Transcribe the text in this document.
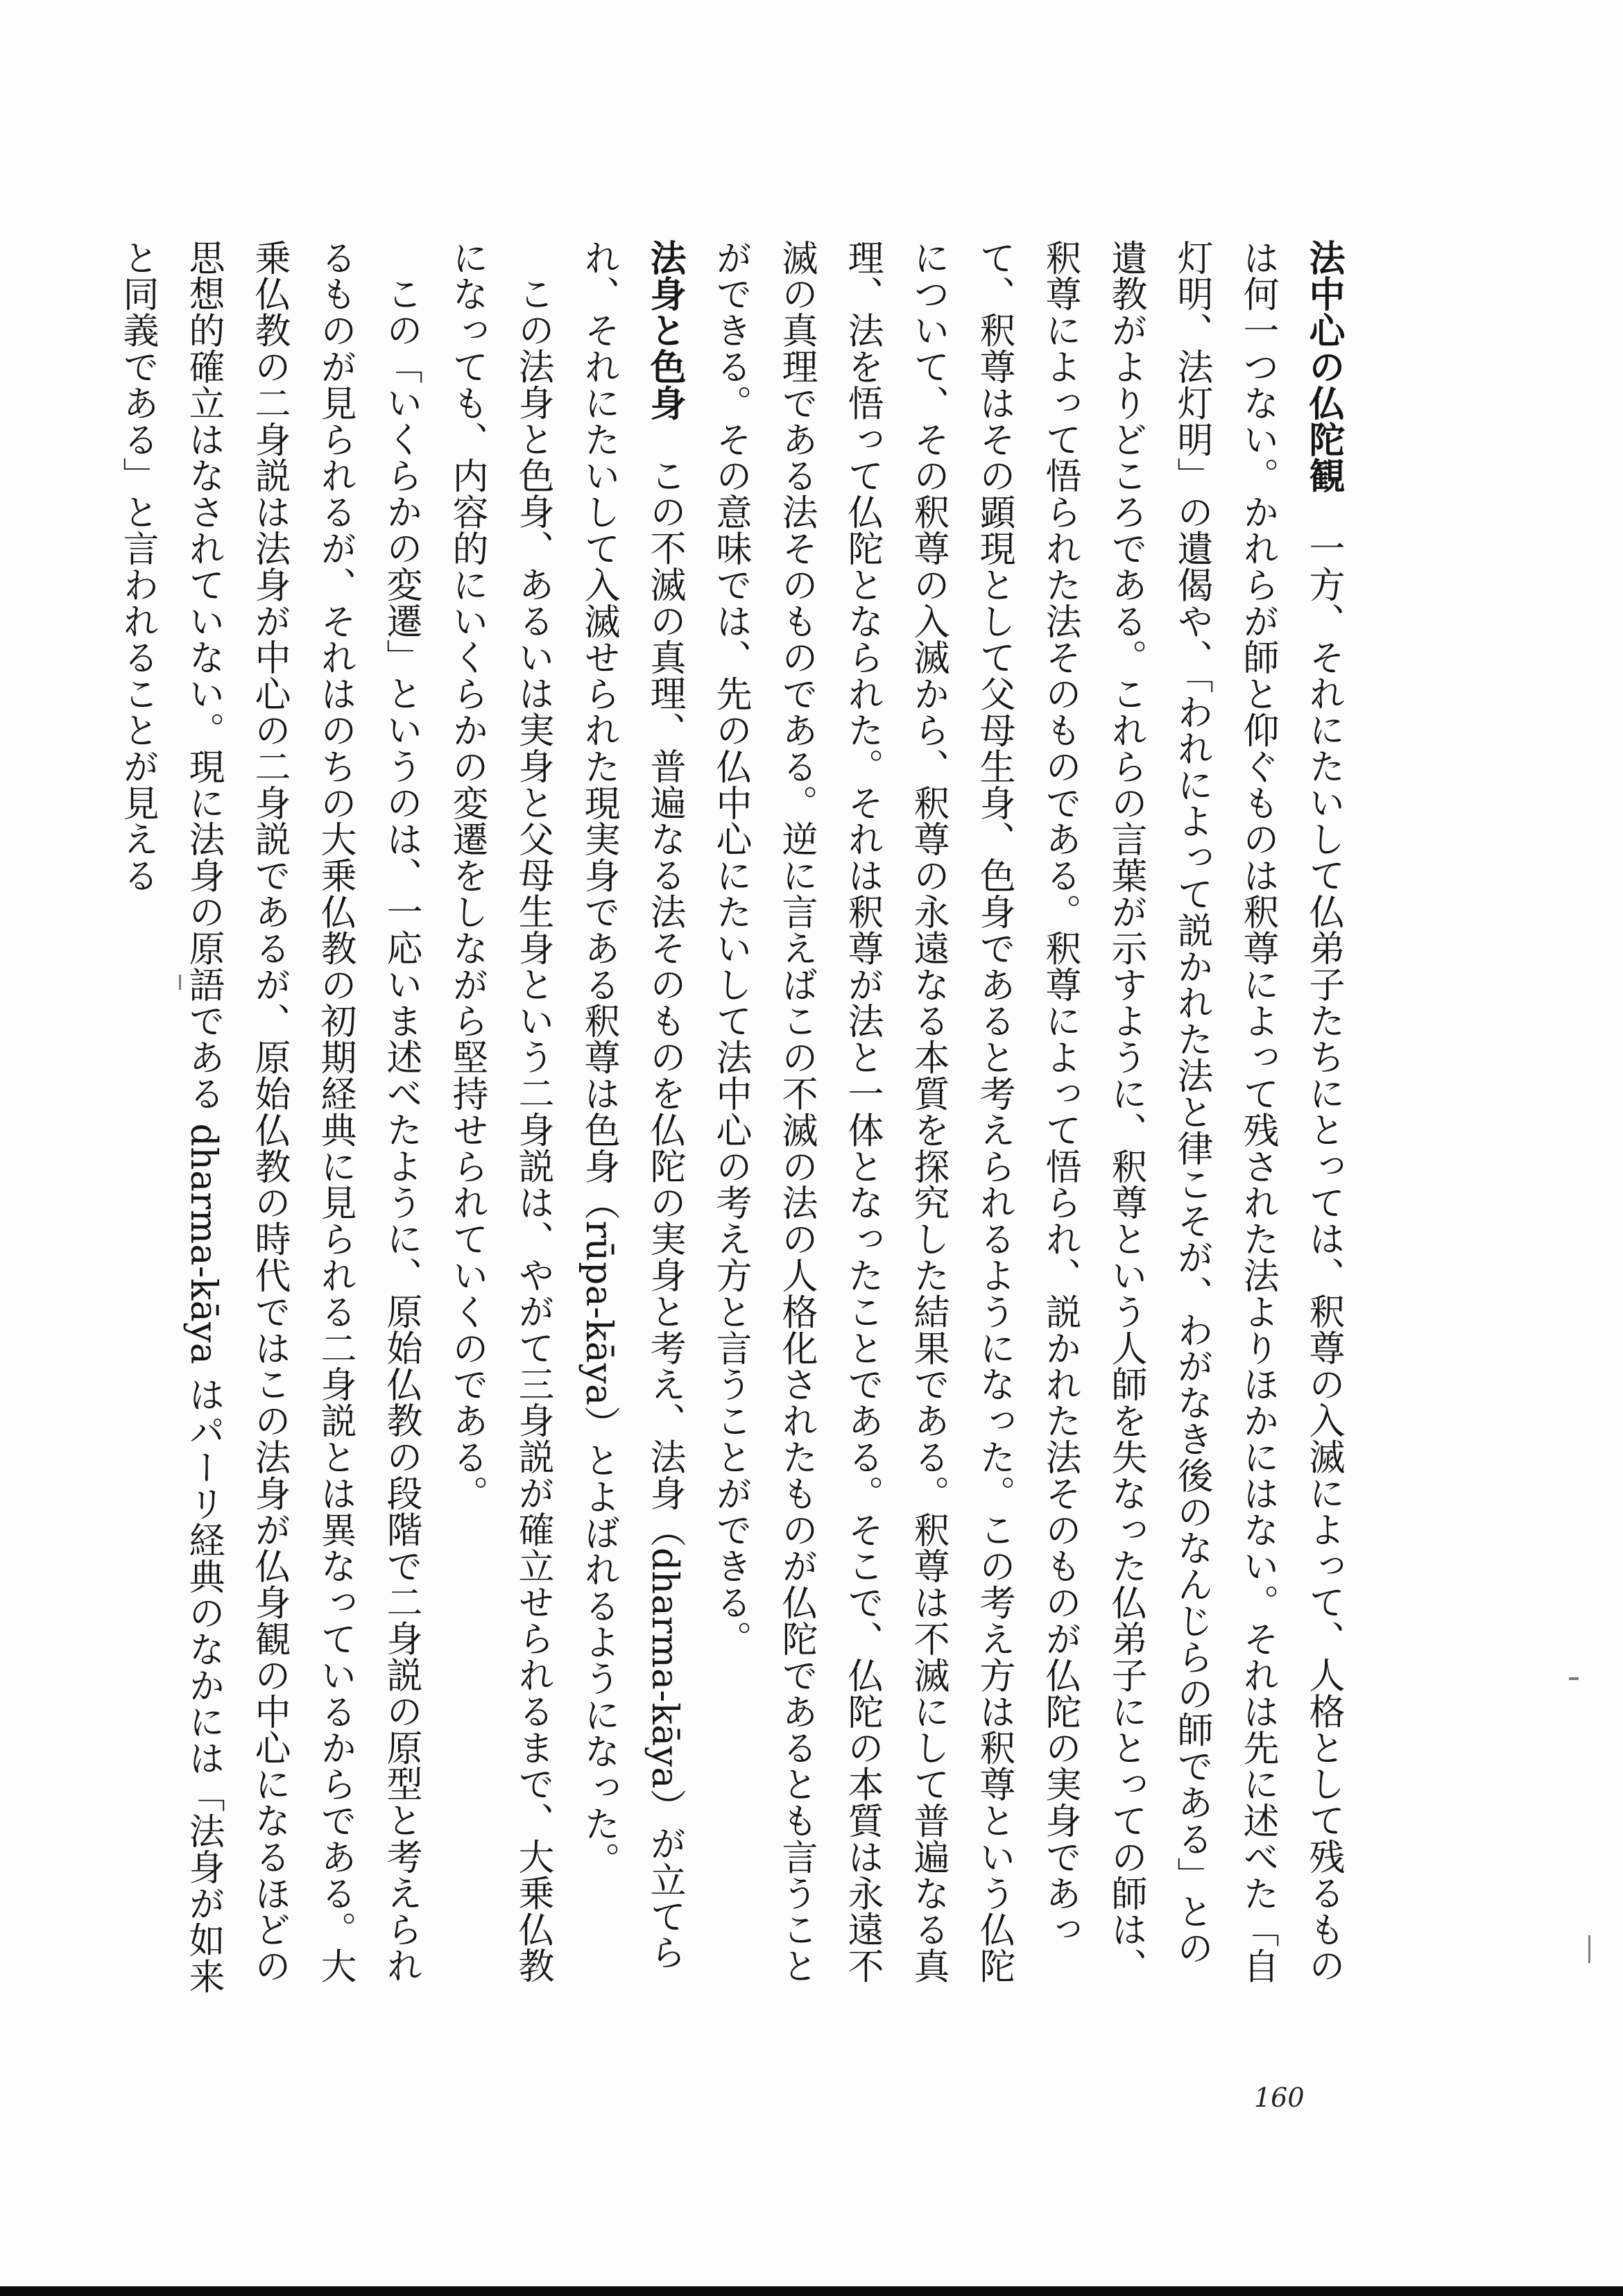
法中心の仏陀観一方、それにたいして仏弟子たちにとっては、釈尊の入滅によって、人格として残るものは何一つない。かれらが師と仰ぐものは釈尊によって残された法よりほかにはない。それは先に述べた「自灯明、法灯明」の遺偈や、「われによって説かれた法と律こそが、わがなき後のなんじらの師である」との遺教がよりどころである。これらの言葉が示すように、釈尊という人師を失なった仏弟子にとっての師は、釈尊によって悟られた法そのものである。釈尊によって悟られ、説かれた法そのものが仏陀の実身であって、釈尊はその顕現として父母生身、色身であると考えられるようになった。この考え方は釈尊という仏陀について、その釈尊の入滅から、釈尊の永遠なる本質を探究した結果である。釈尊は不滅にして普遍なる真理、法を悟って仏陀となられた。それは釈尊が法と一体となったことである。そこで、仏陀の本質は永遠不滅の真理である法そのものである。逆に言えばこの不滅の法の人格化されたものが仏陀であるとも言うことができる。その意味では、先の仏中心にたいして法中心の考え方と言うことができる。

法身と色身この不滅の真理、普遍なる法そのものを仏陀の実身と考え、法身（dharma-kāya）が立てられ、それにたいして入滅せられた現実身である釈尊は色身（rūpa-kāya）とよばれるようになった。

この法身と色身、あるいは実身と父母生身という二身説は、やがて三身説が確立せられるまで、大乗仏教になっても、内容的にいくらかの変遷をしながら堅持せられていくのである。

この「いくらかの変遷」というのは、一応いま述べたように、原始仏教の段階で二身説の原型と考えられるものが見られるが、それはのちの大乗仏教の初期経典に見られる二身説とは異なっているからである。大乗仏教の二身説は法身が中心の二身説であるが、原始仏教の時代ではこの法身が仏身観の中心になるほどの思想的確立はなされていない。現に法身の原語である dharma-kāya はパーリ経典のなかには「法身が如来と同義である」と言われることが見える

160
